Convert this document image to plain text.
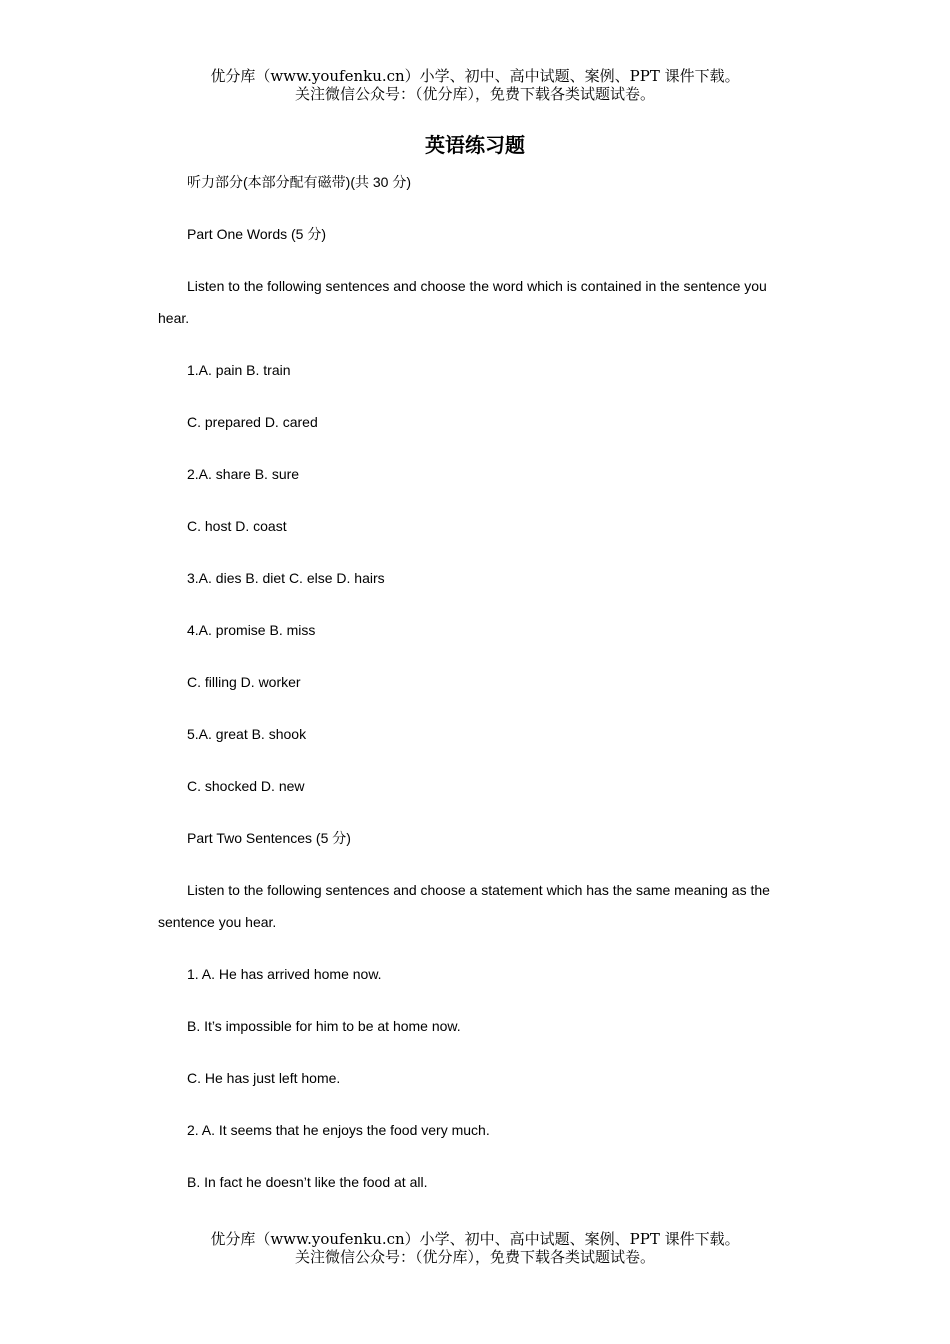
优分库（www.youfenku.cn）小学、初中、高中试题、案例、PPT 课件下载。
关注微信公众号：（优分库），免费下载各类试题试卷。
英语练习题

听力部分(本部分配有磁带)(共 30 分)

Part One Words (5 分)

Listen to the following sentences and choose the word which is contained in the sentence you hear.

1.A. pain B. train

C. prepared D. cared

2.A. share B. sure

C. host D. coast

3.A. dies B. diet C. else D. hairs

4.A. promise B. miss

C. filling D. worker

5.A. great B. shook

C. shocked D. new

Part Two Sentences (5 分)

Listen to the following sentences and choose a statement which has the same meaning as the sentence you hear.

1. A. He has arrived home now.

B. It’s impossible for him to be at home now.

C. He has just left home.

2. A. It seems that he enjoys the food very much.

B. In fact he doesn’t like the food at all.

优分库（www.youfenku.cn）小学、初中、高中试题、案例、PPT 课件下载。
关注微信公众号：（优分库），免费下载各类试题试卷。
